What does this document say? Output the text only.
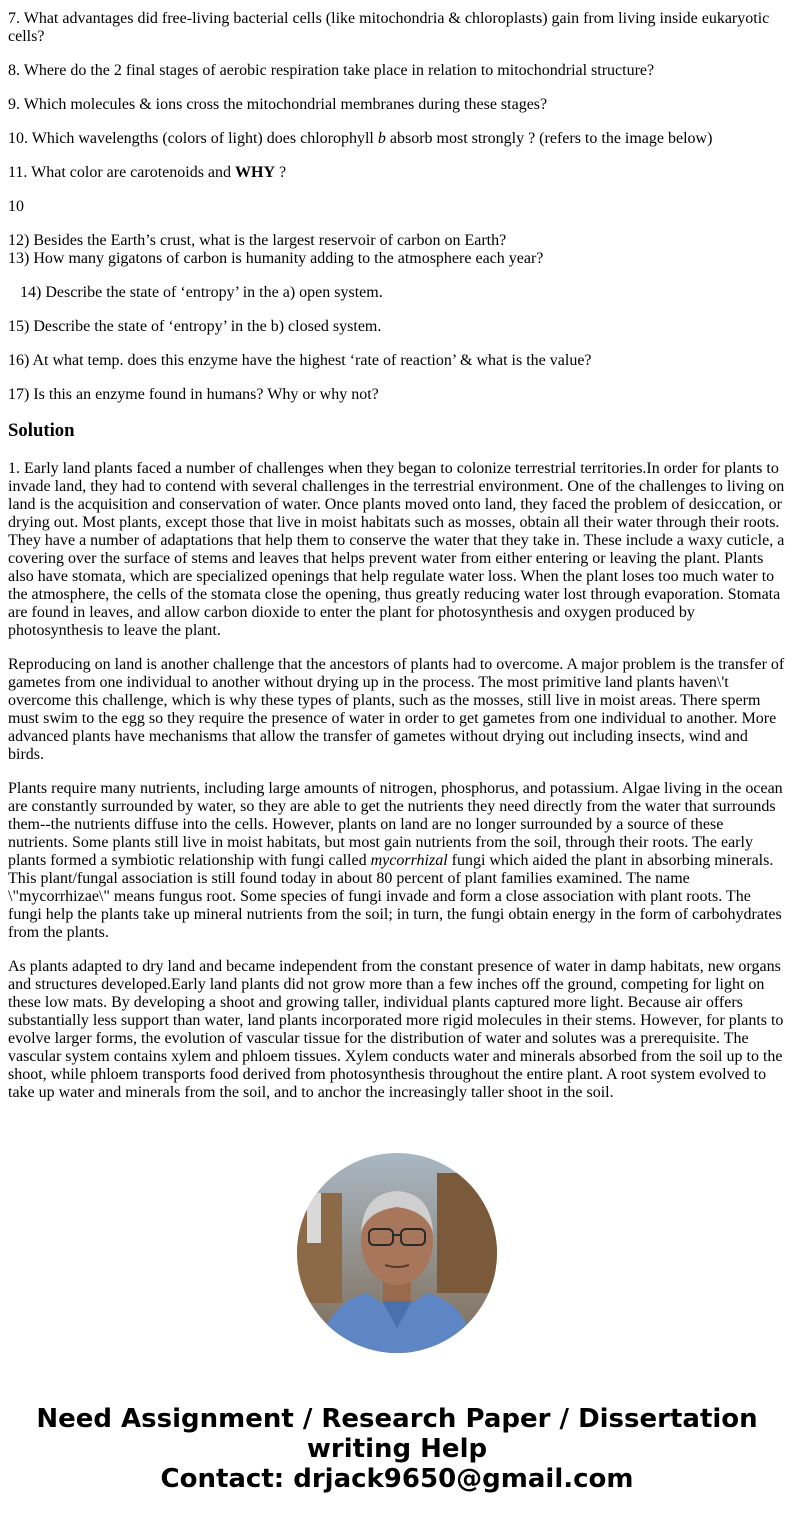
7. What advantages did free-living bacterial cells (like mitochondria & chloroplasts) gain from living inside eukaryotic cells?

8. Where do the 2 final stages of aerobic respiration take place in relation to mitochondrial structure?

9. Which molecules & ions cross the mitochondrial membranes during these stages?

10. Which wavelengths (colors of light) does chlorophyll b absorb most strongly ? (refers to the image below)

11. What color are carotenoids and WHY ?

10

12) Besides the Earth’s crust, what is the largest reservoir of carbon on Earth?

13) How many gigatons of carbon is humanity adding to the atmosphere each year?

14) Describe the state of ‘entropy’ in the a) open system.

15) Describe the state of ‘entropy’ in the b) closed system.

16) At what temp. does this enzyme have the highest ‘rate of reaction’ & what is the value?

17) Is this an enzyme found in humans? Why or why not?

Solution

1. Early land plants faced a number of challenges when they began to colonize terrestrial territories.In order for plants to invade land, they had to contend with several challenges in the terrestrial environment. One of the challenges to living on land is the acquisition and conservation of water. Once plants moved onto land, they faced the problem of desiccation, or drying out. Most plants, except those that live in moist habitats such as mosses, obtain all their water through their roots. They have a number of adaptations that help them to conserve the water that they take in. These include a waxy cuticle, a covering over the surface of stems and leaves that helps prevent water from either entering or leaving the plant. Plants also have stomata, which are specialized openings that help regulate water loss. When the plant loses too much water to the atmosphere, the cells of the stomata close the opening, thus greatly reducing water lost through evaporation. Stomata are found in leaves, and allow carbon dioxide to enter the plant for photosynthesis and oxygen produced by photosynthesis to leave the plant.

Reproducing on land is another challenge that the ancestors of plants had to overcome. A major problem is the transfer of gametes from one individual to another without drying up in the process. The most primitive land plants haven\'t overcome this challenge, which is why these types of plants, such as the mosses, still live in moist areas. There sperm must swim to the egg so they require the presence of water in order to get gametes from one individual to another. More advanced plants have mechanisms that allow the transfer of gametes without drying out including insects, wind and birds.

Plants require many nutrients, including large amounts of nitrogen, phosphorus, and potassium. Algae living in the ocean are constantly surrounded by water, so they are able to get the nutrients they need directly from the water that surrounds them--the nutrients diffuse into the cells. However, plants on land are no longer surrounded by a source of these nutrients. Some plants still live in moist habitats, but most gain nutrients from the soil, through their roots. The early plants formed a symbiotic relationship with fungi called mycorrhizal fungi which aided the plant in absorbing minerals. This plant/fungal association is still found today in about 80 percent of plant families examined. The name \"mycorrhizae\" means fungus root. Some species of fungi invade and form a close association with plant roots. The fungi help the plants take up mineral nutrients from the soil; in turn, the fungi obtain energy in the form of carbohydrates from the plants.

As plants adapted to dry land and became independent from the constant presence of water in damp habitats, new organs and structures developed.Early land plants did not grow more than a few inches off the ground, competing for light on these low mats. By developing a shoot and growing taller, individual plants captured more light. Because air offers substantially less support than water, land plants incorporated more rigid molecules in their stems. However, for plants to evolve larger forms, the evolution of vascular tissue for the distribution of water and solutes was a prerequisite. The vascular system contains xylem and phloem tissues. Xylem conducts water and minerals absorbed from the soil up to the shoot, while phloem transports food derived from photosynthesis throughout the entire plant. A root system evolved to take up water and minerals from the soil, and to anchor the increasingly taller shoot in the soil.

Need Assignment / Research Paper / Dissertation writing Help
Contact: drjack9650@gmail.com
